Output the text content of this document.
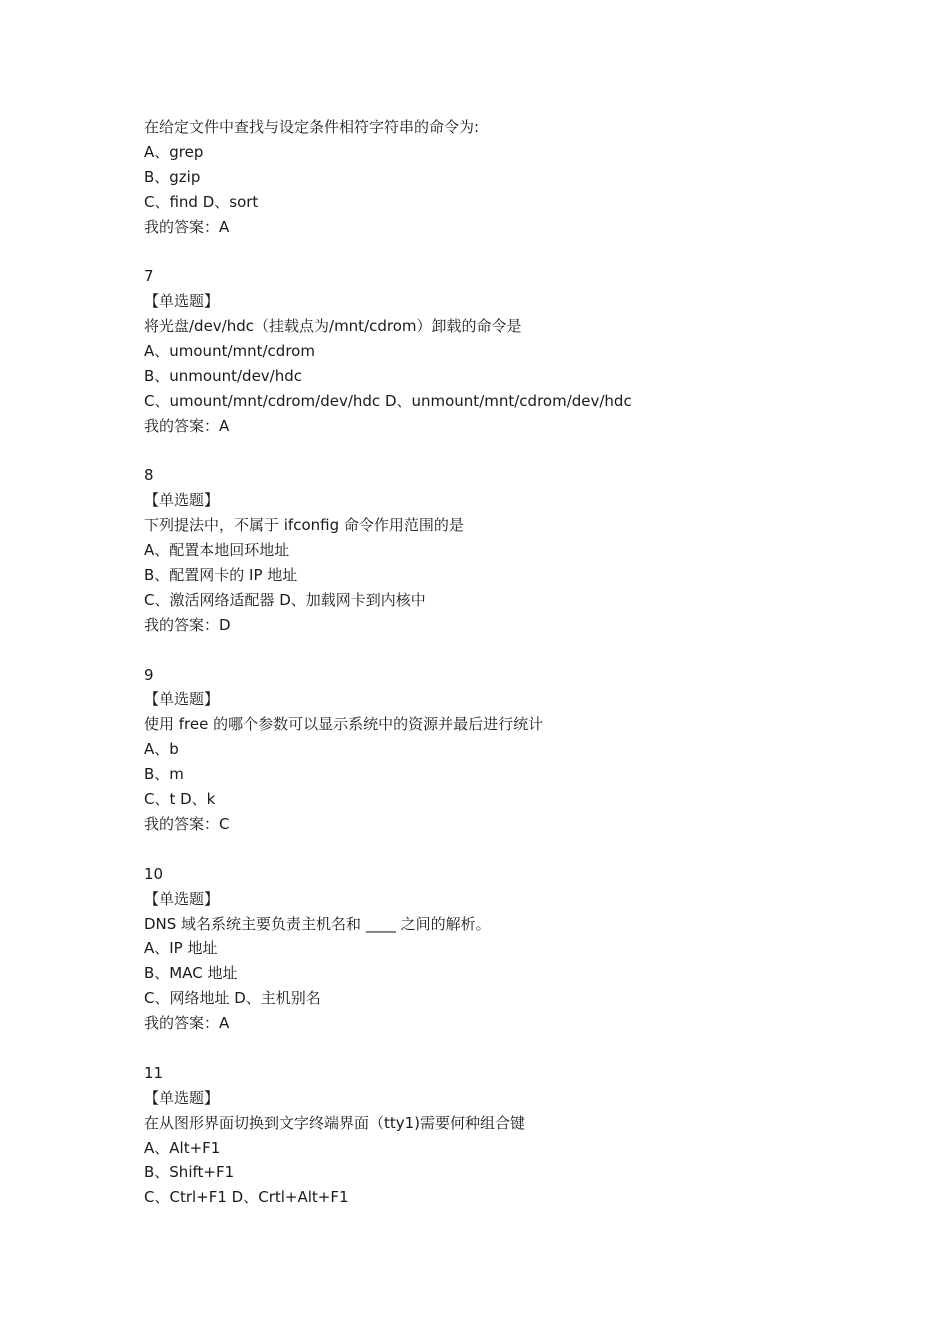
在给定文件中查找与设定条件相符字符串的命令为:
A、grep
B、gzip
C、find D、sort
我的答案：A
7
【单选题】
将光盘/dev/hdc（挂载点为/mnt/cdrom）卸载的命令是
A、umount/mnt/cdrom
B、unmount/dev/hdc
C、umount/mnt/cdrom/dev/hdc D、unmount/mnt/cdrom/dev/hdc
我的答案：A
8
【单选题】
下列提法中，不属于 ifconfig 命令作用范围的是
A、配置本地回环地址
B、配置网卡的 IP 地址
C、激活网络适配器 D、加载网卡到内核中
我的答案：D
9
【单选题】
使用 free 的哪个参数可以显示系统中的资源并最后进行统计
A、b
B、m
C、t D、k
我的答案：C
10
【单选题】
DNS 域名系统主要负责主机名和 ____ 之间的解析。
A、IP 地址
B、MAC 地址
C、网络地址 D、主机别名
我的答案：A
11
【单选题】
在从图形界面切换到文字终端界面（tty1)需要何种组合键
A、Alt+F1
B、Shift+F1
C、Ctrl+F1 D、Crtl+Alt+F1
